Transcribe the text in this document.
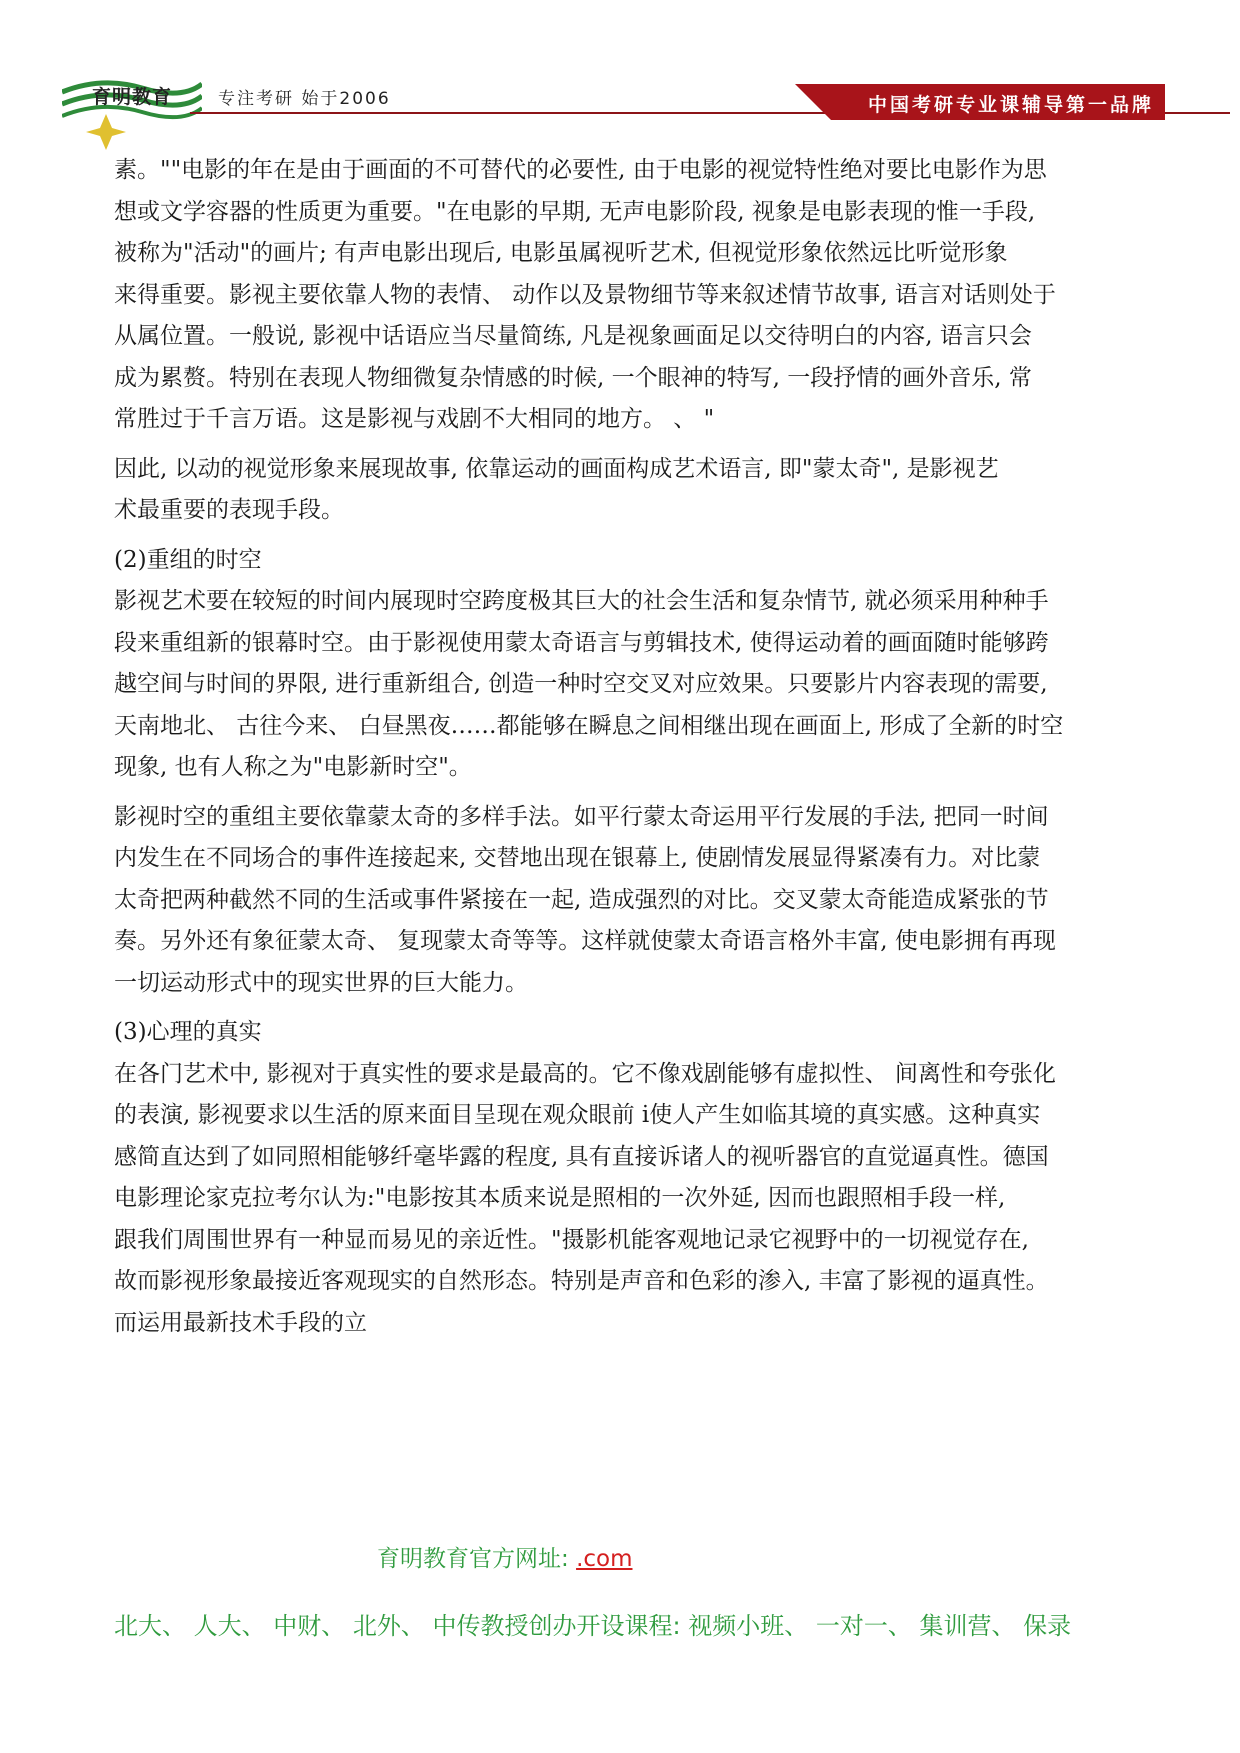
育明教育	专注考研 始于2006	中国考研专业课辅导第一品牌
素。""电影的年在是由于画面的不可替代的必要性, 由于电影的视觉特性绝对要比电影作为思
想或文学容器的性质更为重要。"在电影的早期, 无声电影阶段, 视象是电影表现的惟一手段,
被称为"活动"的画片; 有声电影出现后, 电影虽属视听艺术, 但视觉形象依然远比听觉形象
来得重要。影视主要依靠人物的表情、 动作以及景物细节等来叙述情节故事, 语言对话则处于
从属位置。一般说, 影视中话语应当尽量简练, 凡是视象画面足以交待明白的内容, 语言只会
成为累赘。特别在表现人物细微复杂情感的时候, 一个眼神的特写, 一段抒情的画外音乐, 常
常胜过于千言万语。这是影视与戏剧不大相同的地方。 、 "
因此, 以动的视觉形象来展现故事, 依靠运动的画面构成艺术语言, 即"蒙太奇", 是影视艺
术最重要的表现手段。
(2)重组的时空
影视艺术要在较短的时间内展现时空跨度极其巨大的社会生活和复杂情节, 就必须采用种种手
段来重组新的银幕时空。由于影视使用蒙太奇语言与剪辑技术, 使得运动着的画面随时能够跨
越空间与时间的界限, 进行重新组合, 创造一种时空交叉对应效果。只要影片内容表现的需要,
天南地北、 古往今来、 白昼黑夜……都能够在瞬息之间相继出现在画面上, 形成了全新的时空
现象, 也有人称之为"电影新时空"。
影视时空的重组主要依靠蒙太奇的多样手法。如平行蒙太奇运用平行发展的手法, 把同一时间
内发生在不同场合的事件连接起来, 交替地出现在银幕上, 使剧情发展显得紧凑有力。对比蒙
太奇把两种截然不同的生活或事件紧接在一起, 造成强烈的对比。交叉蒙太奇能造成紧张的节
奏。另外还有象征蒙太奇、 复现蒙太奇等等。这样就使蒙太奇语言格外丰富, 使电影拥有再现
一切运动形式中的现实世界的巨大能力。
(3)心理的真实
在各门艺术中, 影视对于真实性的要求是最高的。它不像戏剧能够有虚拟性、 间离性和夸张化
的表演, 影视要求以生活的原来面目呈现在观众眼前 i使人产生如临其境的真实感。这种真实
感简直达到了如同照相能够纤毫毕露的程度, 具有直接诉诸人的视听器官的直觉逼真性。德国
电影理论家克拉考尔认为:"电影按其本质来说是照相的一次外延, 因而也跟照相手段一样,
跟我们周围世界有一种显而易见的亲近性。"摄影机能客观地记录它视野中的一切视觉存在,
故而影视形象最接近客观现实的自然形态。特别是声音和色彩的渗入, 丰富了影视的逼真性。
而运用最新技术手段的立
育明教育官方网址: .com
北大、 人大、 中财、 北外、 中传教授创办开设课程: 视频小班、 一对一、 集训营、 保录
